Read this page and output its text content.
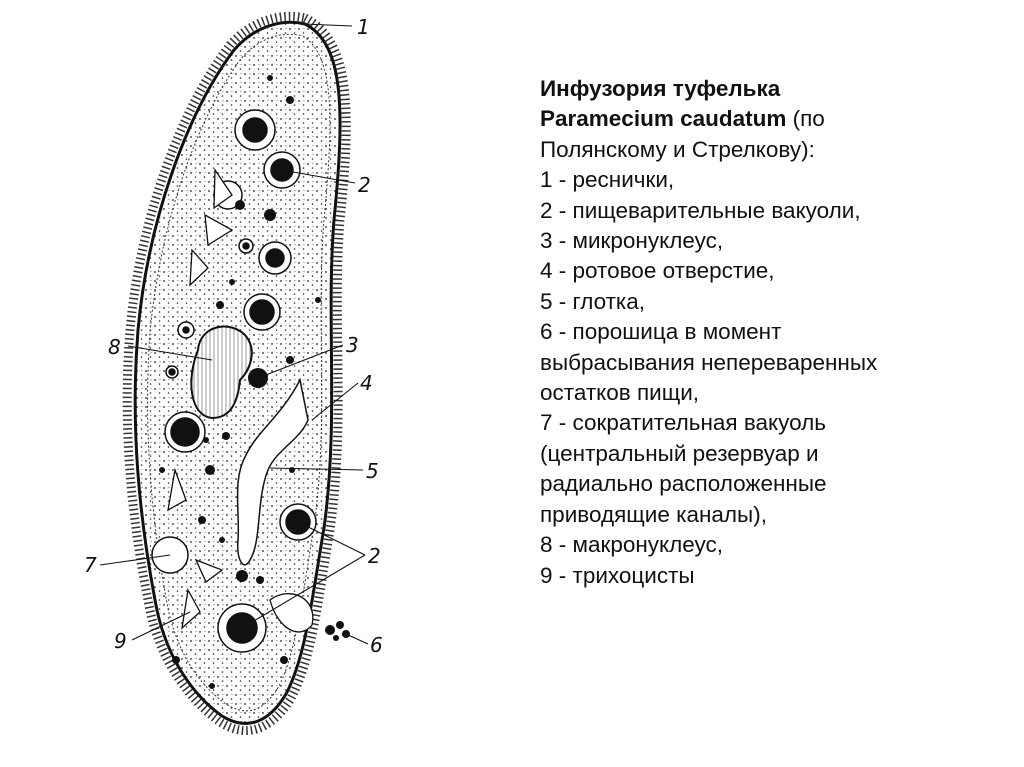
1
2
3
4
5
2
6
7
8
9
Инфузория туфелька
Paramecium caudatum (по
Полянскому и Стрелкову):
1 - реснички,
2 - пищеварительные вакуоли,
3 - микронуклеус,
4 - ротовое отверстие,
5 - глотка,
6 - порошица в момент
выбрасывания непереваренных
остатков пищи,
7 - сократительная вакуоль
(центральный резервуар и
радиально расположенные
приводящие каналы),
8 - макронуклеус,
9 - трихоцисты
